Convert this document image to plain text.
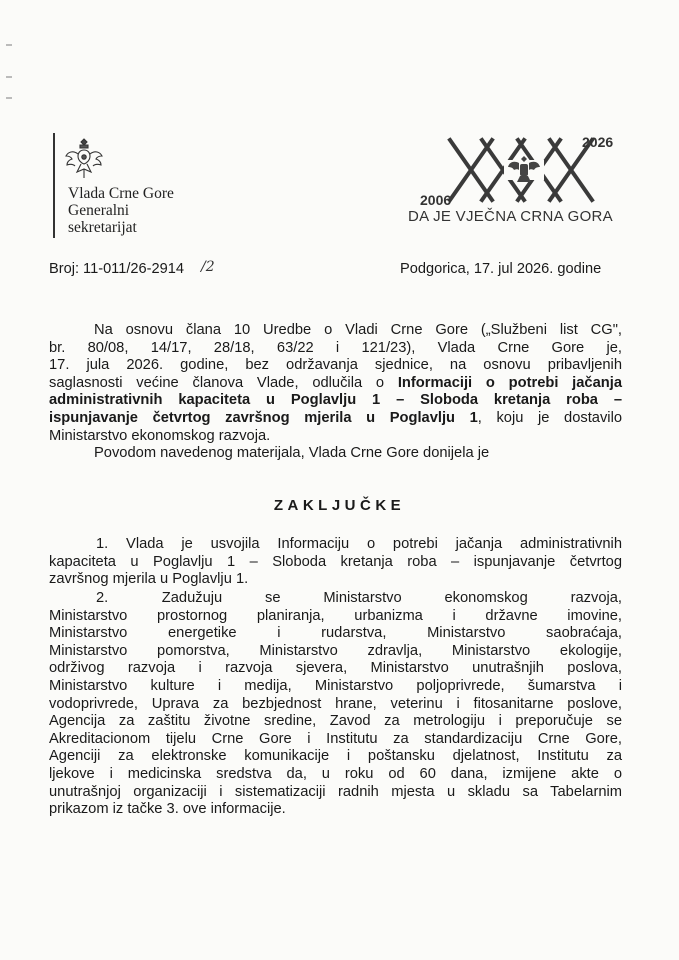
Vlada Crne Gore
Generalni
sekretarijat
2006
2026
DA JE VJEČNA CRNA GORA
Broj: 11-011/26-2914 /2	Podgorica, 17. jul 2026. godine
Na osnovu člana 10 Uredbe o Vladi Crne Gore („Službeni list CG",
br. 80/08, 14/17, 28/18, 63/22 i 121/23), Vlada Crne Gore je,
17. jula 2026. godine, bez održavanja sjednice, na osnovu pribavljenih
saglasnosti većine članova Vlade, odlučila o Informaciji o potrebi jačanja
administrativnih kapaciteta u Poglavlju 1 – Sloboda kretanja roba –
ispunjavanje četvrtog završnog mjerila u Poglavlju 1, koju je dostavilo
Ministarstvo ekonomskog razvoja.
Povodom navedenog materijala, Vlada Crne Gore donijela je
ZAKLJUČKE
1. Vlada je usvojila Informaciju o potrebi jačanja administrativnih
kapaciteta u Poglavlju 1 – Sloboda kretanja roba – ispunjavanje četvrtog
završnog mjerila u Poglavlju 1.
2.     Zadužuju    se    Ministarstvo    ekonomskog    razvoja,
Ministarstvo prostornog planiranja, urbanizma i državne imovine,
Ministarstvo energetike i rudarstva, Ministarstvo saobraćaja,
Ministarstvo pomorstva, Ministarstvo zdravlja, Ministarstvo ekologije,
održivog razvoja i razvoja sjevera, Ministarstvo unutrašnjih poslova,
Ministarstvo kulture i medija, Ministarstvo poljoprivrede, šumarstva i
vodoprivrede, Uprava za bezbjednost hrane, veterinu i fitosanitarne poslove,
Agencija za zaštitu životne sredine, Zavod za metrologiju i preporučuje se
Akreditacionom tijelu Crne Gore i Institutu za standardizaciju Crne Gore,
Agenciji za elektronske komunikacije i poštansku djelatnost, Institutu za
ljekove i medicinska sredstva da, u roku od 60 dana, izmijene akte o
unutrašnjoj organizaciji i sistematizaciji radnih mjesta u skladu sa Tabelarnim
prikazom iz tačke 3. ove informacije.
